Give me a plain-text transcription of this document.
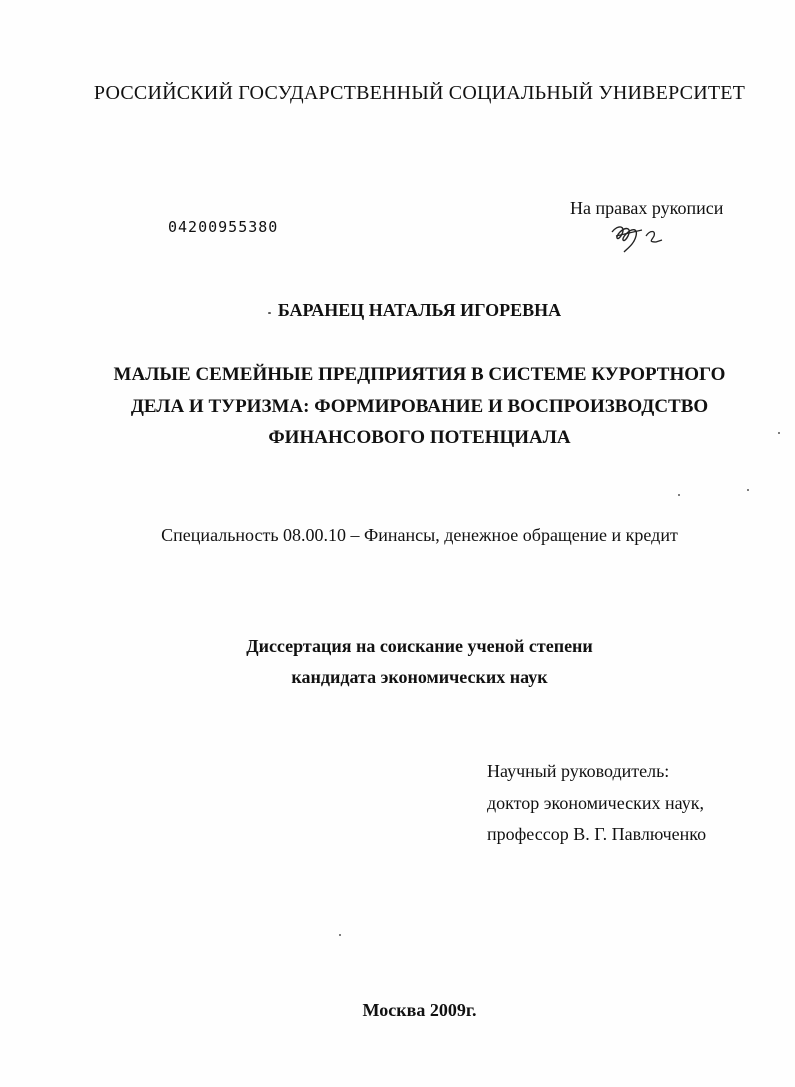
РОССИЙСКИЙ ГОСУДАРСТВЕННЫЙ СОЦИАЛЬНЫЙ УНИВЕРСИТЕТ
04200955380
На правах рукописи
БАРАНЕЦ НАТАЛЬЯ ИГОРЕВНА
МАЛЫЕ СЕМЕЙНЫЕ ПРЕДПРИЯТИЯ В СИСТЕМЕ КУРОРТНОГО
ДЕЛА И ТУРИЗМА: ФОРМИРОВАНИЕ И ВОСПРОИЗВОДСТВО
ФИНАНСОВОГО ПОТЕНЦИАЛА
Специальность 08.00.10 – Финансы, денежное обращение и кредит
Диссертация на соискание ученой степени
кандидата экономических наук
Научный руководитель:
доктор экономических наук,
профессор В. Г. Павлюченко
Москва 2009г.
